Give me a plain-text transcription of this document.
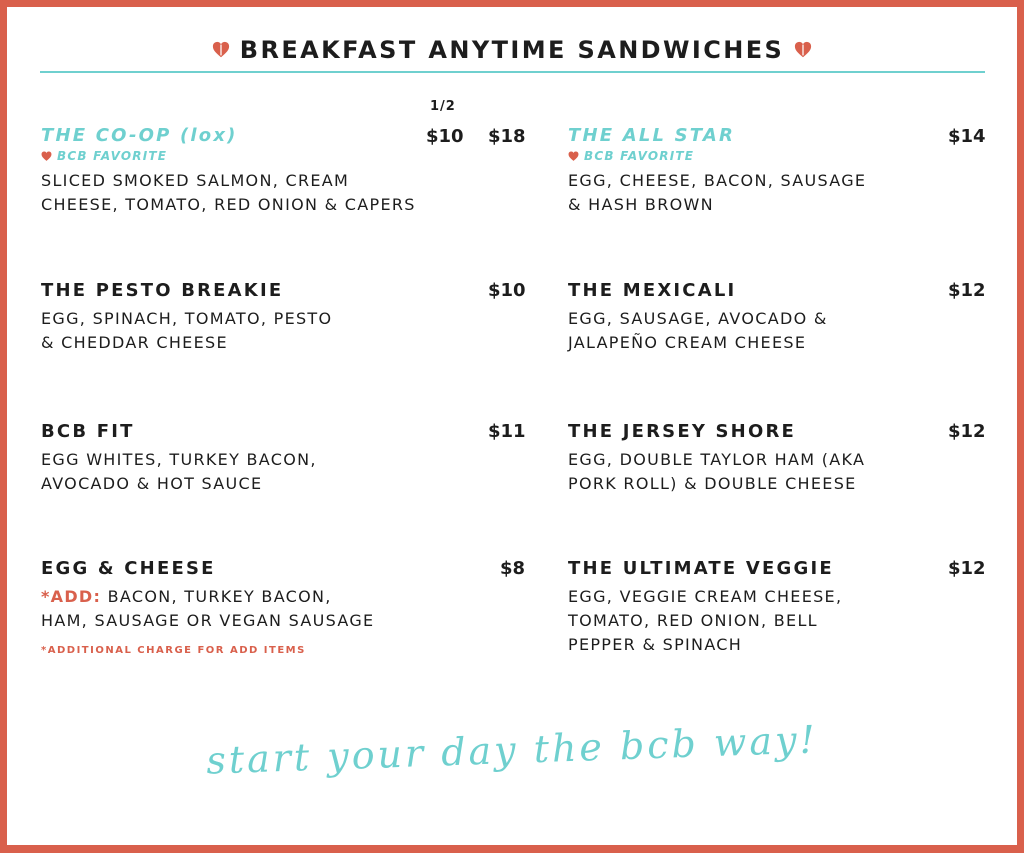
BREAKFAST ANYTIME SANDWICHES
1/2
THE CO-OP (lox)
BCB FAVORITE
SLICED SMOKED SALMON, CREAM
CHEESE, TOMATO, RED ONION & CAPERS
$10 $18
THE PESTO BREAKIE
EGG, SPINACH, TOMATO, PESTO
& CHEDDAR CHEESE
$10
BCB FIT
EGG WHITES, TURKEY BACON,
AVOCADO & HOT SAUCE
$11
EGG & CHEESE
*ADD: BACON, TURKEY BACON,
HAM, SAUSAGE OR VEGAN SAUSAGE
*ADDITIONAL CHARGE FOR ADD ITEMS
$8
THE ALL STAR
BCB FAVORITE
EGG, CHEESE, BACON, SAUSAGE
& HASH BROWN
$14
THE MEXICALI
EGG, SAUSAGE, AVOCADO &
JALAPEÑO CREAM CHEESE
$12
THE JERSEY SHORE
EGG, DOUBLE TAYLOR HAM (AKA
PORK ROLL) & DOUBLE CHEESE
$12
THE ULTIMATE VEGGIE
EGG, VEGGIE CREAM CHEESE,
TOMATO, RED ONION, BELL
PEPPER & SPINACH
$12
start your day the bcb way!
